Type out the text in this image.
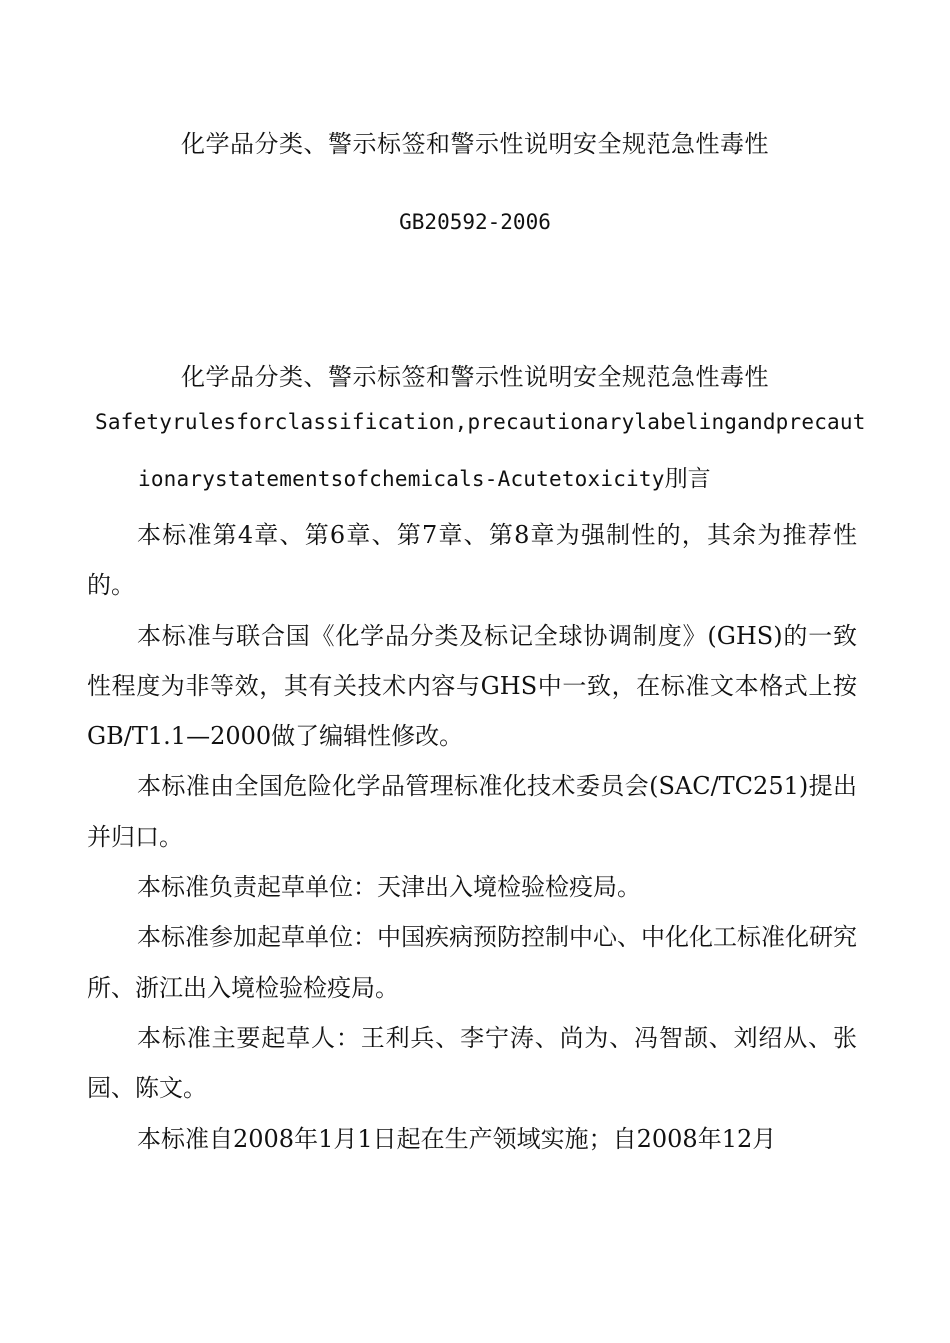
化学品分类、警示标签和警示性说明安全规范急性毒性
GB20592-2006
化学品分类、警示标签和警示性说明安全规范急性毒性
Safetyrulesforclassification,precautionarylabelingandprecaut
ionarystatementsofchemicals-Acutetoxicity刖言

本标准第4章、第6章、第7章、第8章为强制性的，其余为推荐性的。

本标准与联合国《化学品分类及标记全球协调制度》(GHS)的一致性程度为非等效，其有关技术内容与GHS中一致，在标准文本格式上按GB/T1.1—2000做了编辑性修改。

本标准由全国危险化学品管理标准化技术委员会(SAC/TC251)提出并归口。

本标准负责起草单位：天津出入境检验检疫局。

本标准参加起草单位：中国疾病预防控制中心、中化化工标准化研究所、浙江出入境检验检疫局。

本标准主要起草人：王利兵、李宁涛、尚为、冯智颉、刘绍从、张园、陈文。

本标准自2008年1月1日起在生产领域实施；自2008年12月
